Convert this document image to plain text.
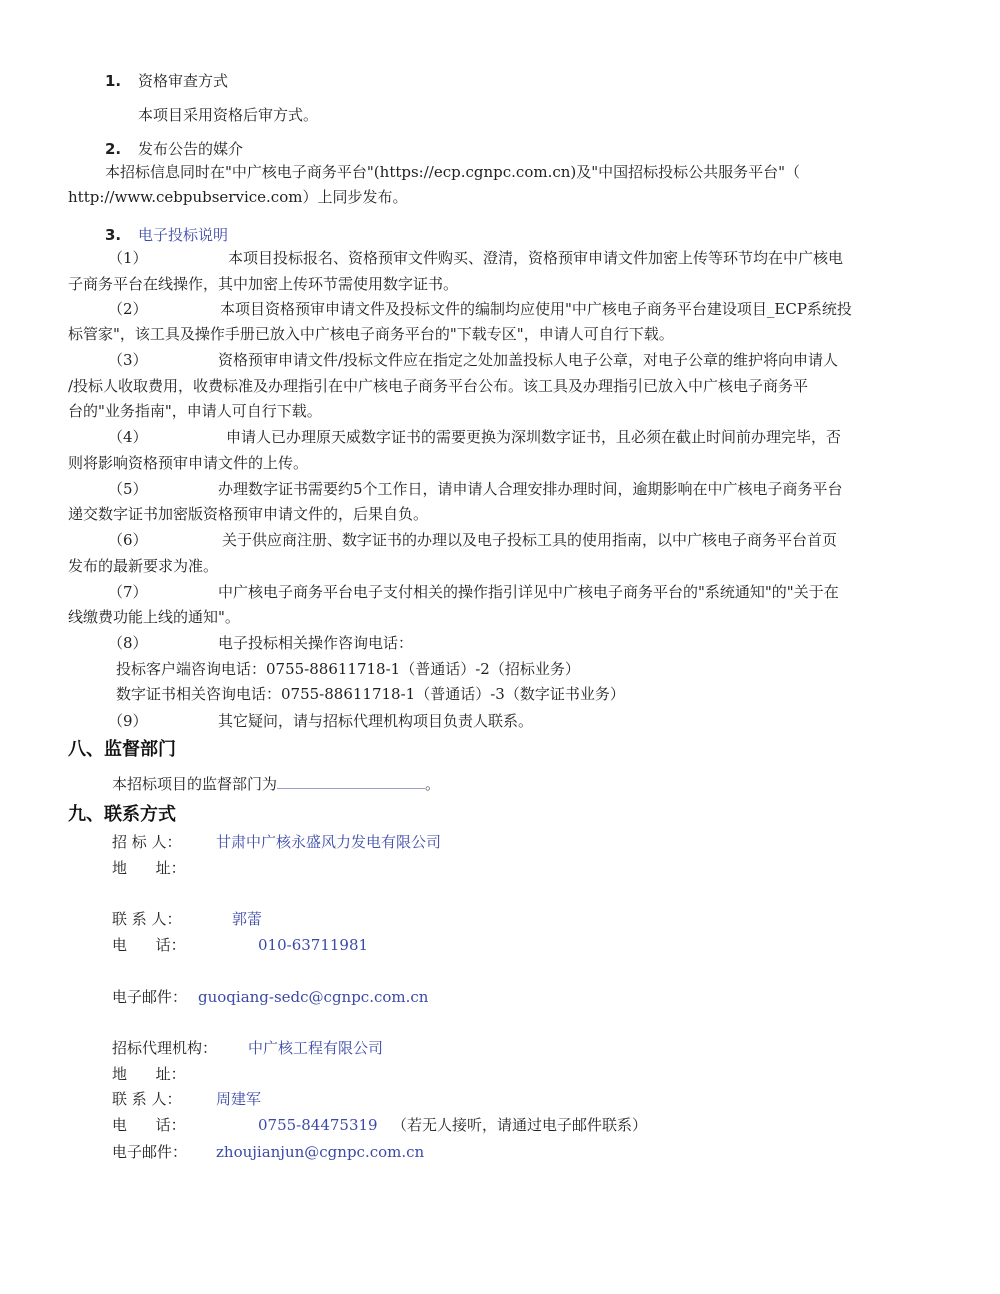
1. 资格审查方式
本项目采用资格后审方式。
2. 发布公告的媒介
本招标信息同时在"中广核电子商务平台"(https://ecp.cgnpc.com.cn)及"中国招标投标公共服务平台"（
http://www.cebpubservice.com）上同步发布。
3. 电子投标说明
（1）	本项目投标报名、资格预审文件购买、澄清，资格预审申请文件加密上传等环节均在中广核电
子商务平台在线操作，其中加密上传环节需使用数字证书。
（2）	本项目资格预审申请文件及投标文件的编制均应使用"中广核电子商务平台建设项目_ECP系统投
标管家"，该工具及操作手册已放入中广核电子商务平台的"下载专区"，申请人可自行下载。
（3）	资格预审申请文件/投标文件应在指定之处加盖投标人电子公章，对电子公章的维护将向申请人
/投标人收取费用，收费标准及办理指引在中广核电子商务平台公布。该工具及办理指引已放入中广核电子商务平
台的"业务指南"，申请人可自行下载。
（4）	申请人已办理原天威数字证书的需要更换为深圳数字证书，且必须在截止时间前办理完毕，否
则将影响资格预审申请文件的上传。
（5）	办理数字证书需要约5个工作日，请申请人合理安排办理时间，逾期影响在中广核电子商务平台
递交数字证书加密版资格预审申请文件的，后果自负。
（6）	关于供应商注册、数字证书的办理以及电子投标工具的使用指南，以中广核电子商务平台首页
发布的最新要求为准。
（7）	中广核电子商务平台电子支付相关的操作指引详见中广核电子商务平台的"系统通知"的"关于在
线缴费功能上线的通知"。
（8）	电子投标相关操作咨询电话：
投标客户端咨询电话：0755-88611718-1（普通话）-2（招标业务）
数字证书相关咨询电话：0755-88611718-1（普通话）-3（数字证书业务）
（9）	其它疑问，请与招标代理机构项目负责人联系。
八、监督部门
本招标项目的监督部门为	。
九、联系方式
招 标 人： 甘肃中广核永盛风力发电有限公司
地      址：
联 系 人：	郭蕾
电      话：	010-63711981
电子邮件： guoqiang-sedc@cgnpc.com.cn
招标代理机构： 中广核工程有限公司
地      址：
联 系 人： 周建军
电      话：	0755-84475319 （若无人接听，请通过电子邮件联系）
电子邮件： zhoujianjun@cgnpc.com.cn
